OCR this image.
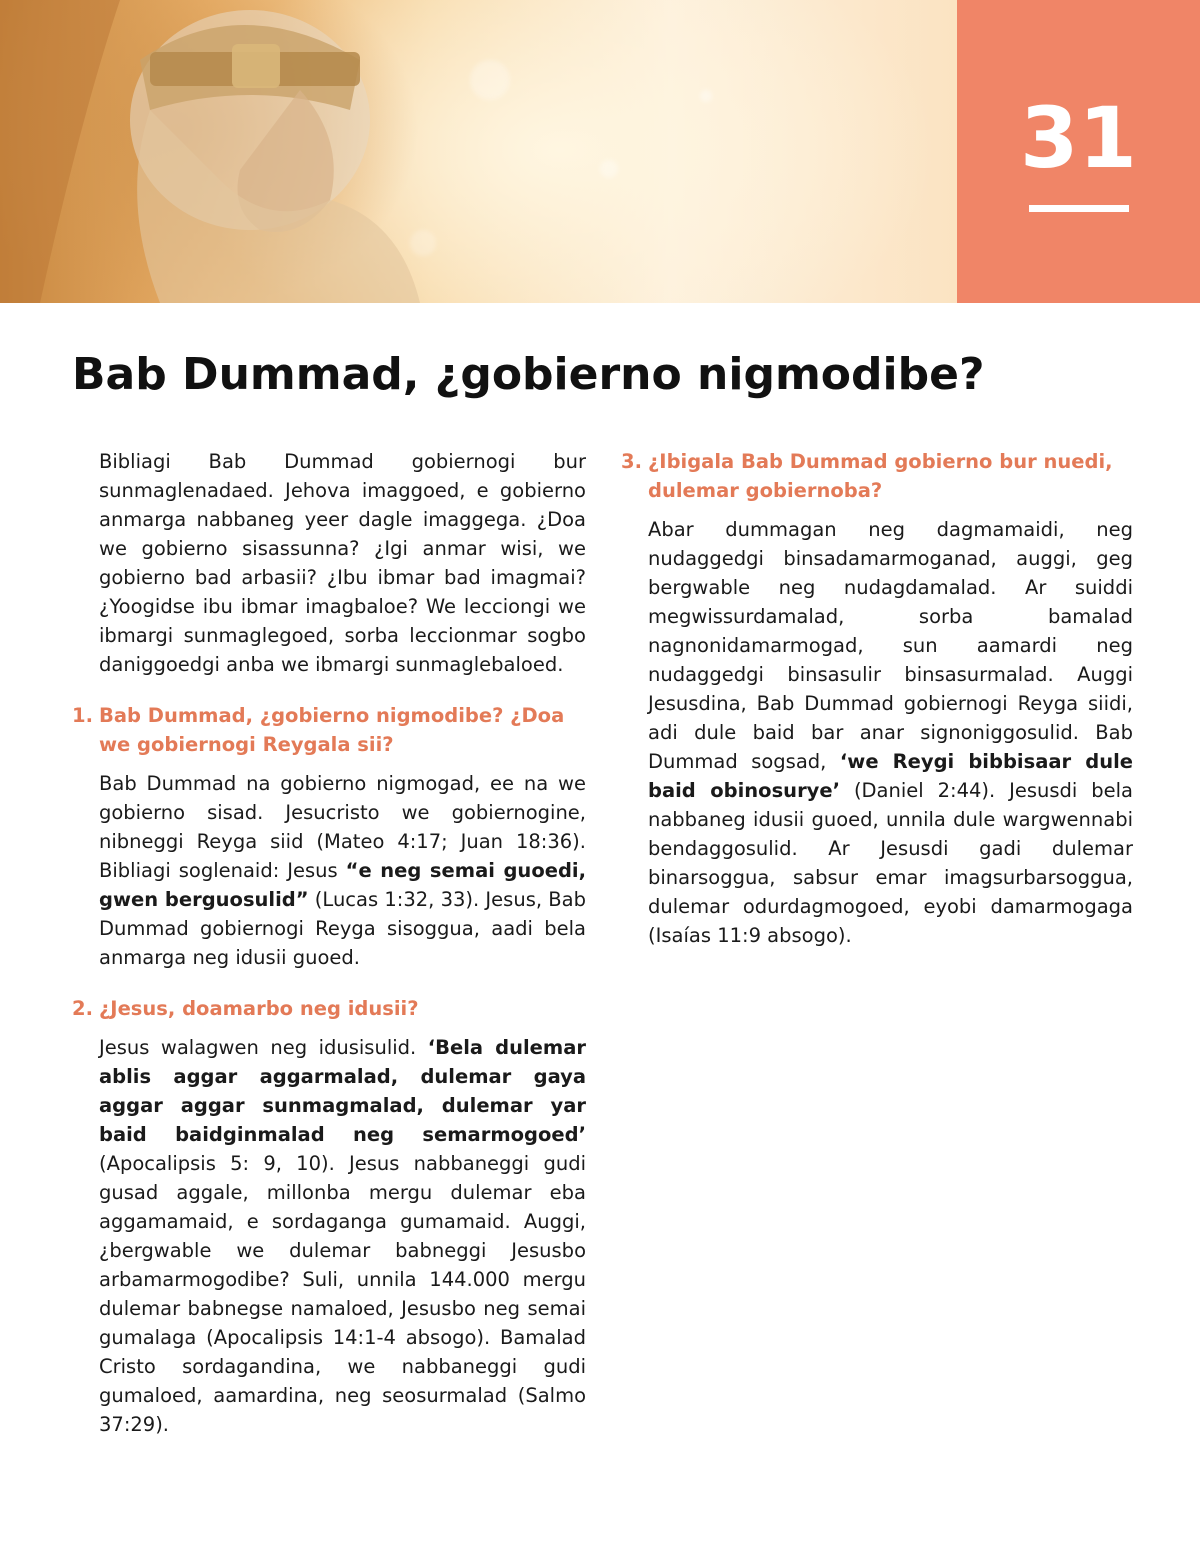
31
Bab Dummad, ¿gobierno nigmodibe?

Bibliagi Bab Dummad gobiernogi bur sunmaglenadaed. Jehova imaggoed, e gobierno anmarga nabbaneg yeer dagle imaggega. ¿Doa we gobierno sisassunna? ¿Igi anmar wisi, we gobierno bad arbasii? ¿Ibu ibmar bad imagmai? ¿Yoogidse ibu ibmar imagbaloe? We lecciongi we ibmargi sunmaglegoed, sorba leccionmar sogbo daniggoedgi anba we ibmargi sunmaglebaloed.

1. Bab Dummad, ¿gobierno nigmodibe? ¿Doa we gobiernogi Reygala sii?

Bab Dummad na gobierno nigmogad, ee na we gobierno sisad. Jesucristo we gobiernogine, nibneggi Reyga siid (Mateo 4:17; Juan 18:36). Bibliagi soglenaid: Jesus “e neg semai guoedi, gwen berguosulid” (Lucas 1:32, 33). Jesus, Bab Dummad gobiernogi Reyga sisoggua, aadi bela anmarga neg idusii guoed.

2. ¿Jesus, doamarbo neg idusii?

Jesus walagwen neg idusisulid. ‘Bela dulemar ablis aggar aggarmalad, dulemar gaya aggar aggar sunmagmalad, dulemar yar baid baidginmalad neg semarmogoed’ (Apocalipsis 5: 9, 10). Jesus nabbaneggi gudi gusad aggale, millonba mergu dulemar eba aggamamaid, e sordaganga gumamaid. Auggi, ¿bergwable we dulemar babneggi Jesusbo arbamarmogodibe? Suli, unnila 144.000 mergu dulemar babnegse namaloed, Jesusbo neg semai gumalaga (Apocalipsis 14:1-4 absogo). Bamalad Cristo sordagandina, we nabbaneggi gudi gumaloed, aamardina, neg seosurmalad (Salmo 37:29).

3. ¿Ibigala Bab Dummad gobierno bur nuedi, dulemar gobiernoba?

Abar dummagan neg dagmamaidi, neg nudaggedgi binsadamarmoganad, auggi, geg bergwable neg nudagdamalad. Ar suiddi megwissurdamalad, sorba bamalad nagnonidamarmogad, sun aamardi neg nudaggedgi binsasulir binsasurmalad. Auggi Jesusdina, Bab Dummad gobiernogi Reyga siidi, adi dule baid bar anar signoniggosulid. Bab Dummad sogsad, ‘we Reygi bibbisaar dule baid obinosurye’ (Daniel 2:44). Jesusdi bela nabbaneg idusii guoed, unnila dule wargwennabi bendaggosulid. Ar Jesusdi gadi dulemar binarsoggua, sabsur emar imagsurbarsoggua, dulemar odurdagmogoed, eyobi damarmogaga (Isaías 11:9 absogo).
